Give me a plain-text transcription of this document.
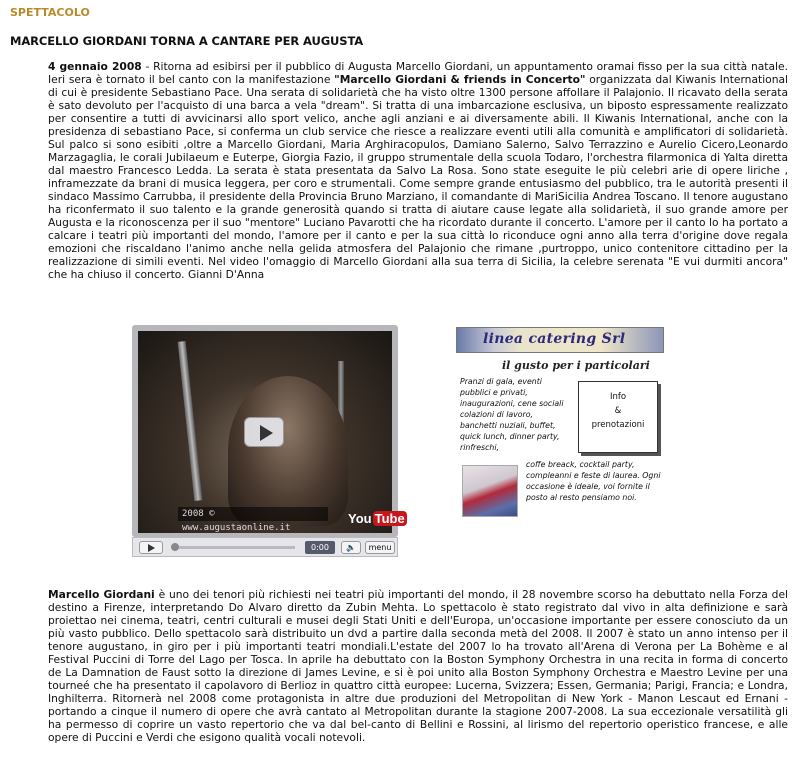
SPETTACOLO
MARCELLO GIORDANI TORNA A CANTARE PER AUGUSTA
4 gennaio 2008 - Ritorna ad esibirsi per il pubblico di Augusta Marcello Giordani, un appuntamento oramai fisso per la sua città natale. Ieri sera è tornato il bel canto con la manifestazione "Marcello Giordani & friends in Concerto" organizzata dal Kiwanis International di cui è presidente Sebastiano Pace. Una serata di solidarietà che ha visto oltre 1300 persone affollare il Palajonio. Il ricavato della serata è sato devoluto per l'acquisto di una barca a vela "dream". Si tratta di una imbarcazione esclusiva, un biposto espressamente realizzato per consentire a tutti di avvicinarsi allo sport velico, anche agli anziani e ai diversamente abili. Il Kiwanis International, anche con la presidenza di sebastiano Pace, si conferma un club service che riesce a realizzare eventi utili alla comunità e amplificatori di solidarietà. Sul palco si sono esibiti ,oltre a Marcello Giordani, Maria Arghiracopulos, Damiano Salerno, Salvo Terrazzino e Aurelio Cicero,Leonardo Marzagaglia, le corali Jubilaeum e Euterpe, Giorgia Fazio, il gruppo strumentale della scuola Todaro, l'orchestra filarmonica di Yalta diretta dal maestro Francesco Ledda. La serata è stata presentata da Salvo La Rosa. Sono state eseguite le più celebri arie di opere liriche , inframezzate da brani di musica leggera, per coro e strumentali. Come sempre grande entusiasmo del pubblico, tra le autorità presenti il sindaco Massimo Carrubba, il presidente della Provincia Bruno Marziano, il comandante di MariSicilia Andrea Toscano. Il tenore augustano ha riconfermato il suo talento e la grande generosità quando si tratta di aiutare cause legate alla solidarietà, il suo grande amore per Augusta e la riconoscenza per il suo "mentore" Luciano Pavarotti che ha ricordato durante il concerto. L'amore per il canto lo ha portato a calcare i teatri più importanti del mondo, l'amore per il canto e per la sua città lo riconduce ogni anno alla terra d'origine dove regala emozioni che riscaldano l'animo anche nella gelida atmosfera del Palajonio che rimane ,purtroppo, unico contenitore cittadino per la realizzazione di simili eventi. Nel video l'omaggio di Marcello Giordani alla sua terra di Sicilia, la celebre serenata "E vui durmiti ancora" che ha chiuso il concerto. Gianni D'Anna
2008 © www.augustaonline.it
You Tube
0:00	🔈	menu
linea catering Srl
il gusto per i particolari
Pranzi di gala, eventi pubblici e privati, inaugurazioni, cene sociali colazioni di lavoro, banchetti nuziali, buffet, quick lunch, dinner party, rinfreschi,
Info
&
prenotazioni
coffe breack, cocktail party, compleanni e feste di laurea. Ogni occasione è ideale, voi fornite il posto al resto pensiamo noi.
Marcello Giordani è uno dei tenori più richiesti nei teatri più importanti del mondo, il 28 novembre scorso ha debuttato nella Forza del destino a Firenze, interpretando Do Alvaro diretto da Zubin Mehta. Lo spettacolo è stato registrato dal vivo in alta definizione e sarà proiettao nei cinema, teatri, centri culturali e musei degli Stati Uniti e dell'Europa, un'occasione importante per essere conosciuto da un più vasto pubblico. Dello spettacolo sarà distribuito un dvd a partire dalla seconda metà del 2008. Il 2007 è stato un anno intenso per il tenore augustano, in giro per i più importanti teatri mondiali.L'estate del 2007 lo ha trovato all'Arena di Verona per La Bohème e al Festival Puccini di Torre del Lago per Tosca. In aprile ha debuttato con la Boston Symphony Orchestra in una recita in forma di concerto de La Damnation de Faust sotto la direzione di James Levine, e si è poi unito alla Boston Symphony Orchestra e Maestro Levine per una tourneé che ha presentato il capolavoro di Berlioz in quattro città europee: Lucerna, Svizzera; Essen, Germania; Parigi, Francia; e Londra, Inghilterra. Ritornerà nel 2008 come protagonista in altre due produzioni del Metropolitan di New York - Manon Lescaut ed Ernani - portando a cinque il numero di opere che avrà cantato al Metropolitan durante la stagione 2007-2008. La sua eccezionale versatilità gli ha permesso di coprire un vasto repertorio che va dal bel-canto di Bellini e Rossini, al lirismo del repertorio operistico francese, e alle opere di Puccini e Verdi che esigono qualità vocali notevoli.
